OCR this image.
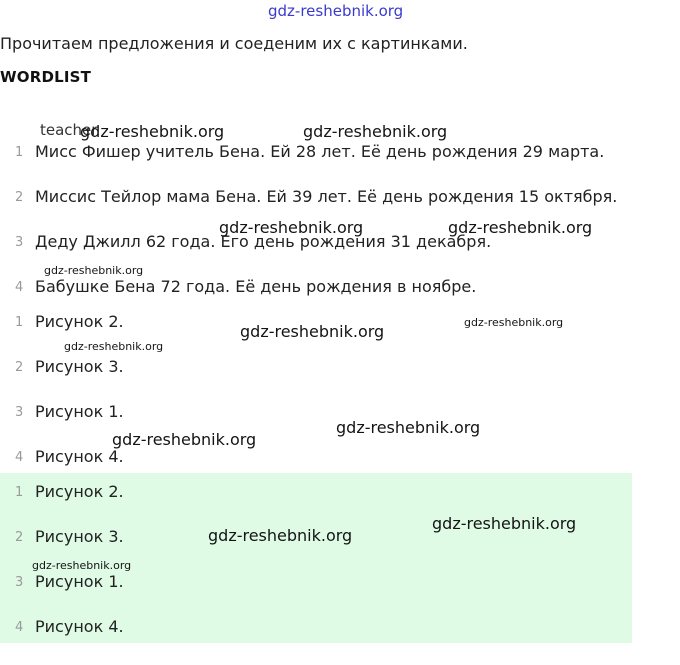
gdz-reshebnik.org
Прочитаем предложения и соеденим их с картинками.
WORDLIST
teacher
1 Мисс Фишер учитель Бена. Ей 28 лет. Её день рождения 29 марта.
2 Миссис Тейлор мама Бена. Ей 39 лет. Её день рождения 15 октября.
3 Деду Джилл 62 года. Его день рождения 31 декабря.
4 Бабушке Бена 72 года. Её день рождения в ноябре.
1 Рисунок 2.
2 Рисунок 3.
3 Рисунок 1.
4 Рисунок 4.
1 Рисунок 2.
2 Рисунок 3.
3 Рисунок 1.
4 Рисунок 4.
gdz-reshebnik.org	gdz-reshebnik.org
gdz-reshebnik.org	gdz-reshebnik.org
gdz-reshebnik.org
gdz-reshebnik.org	gdz-reshebnik.org
gdz-reshebnik.org
gdz-reshebnik.org
gdz-reshebnik.org
gdz-reshebnik.org
gdz-reshebnik.org
gdz-reshebnik.org
